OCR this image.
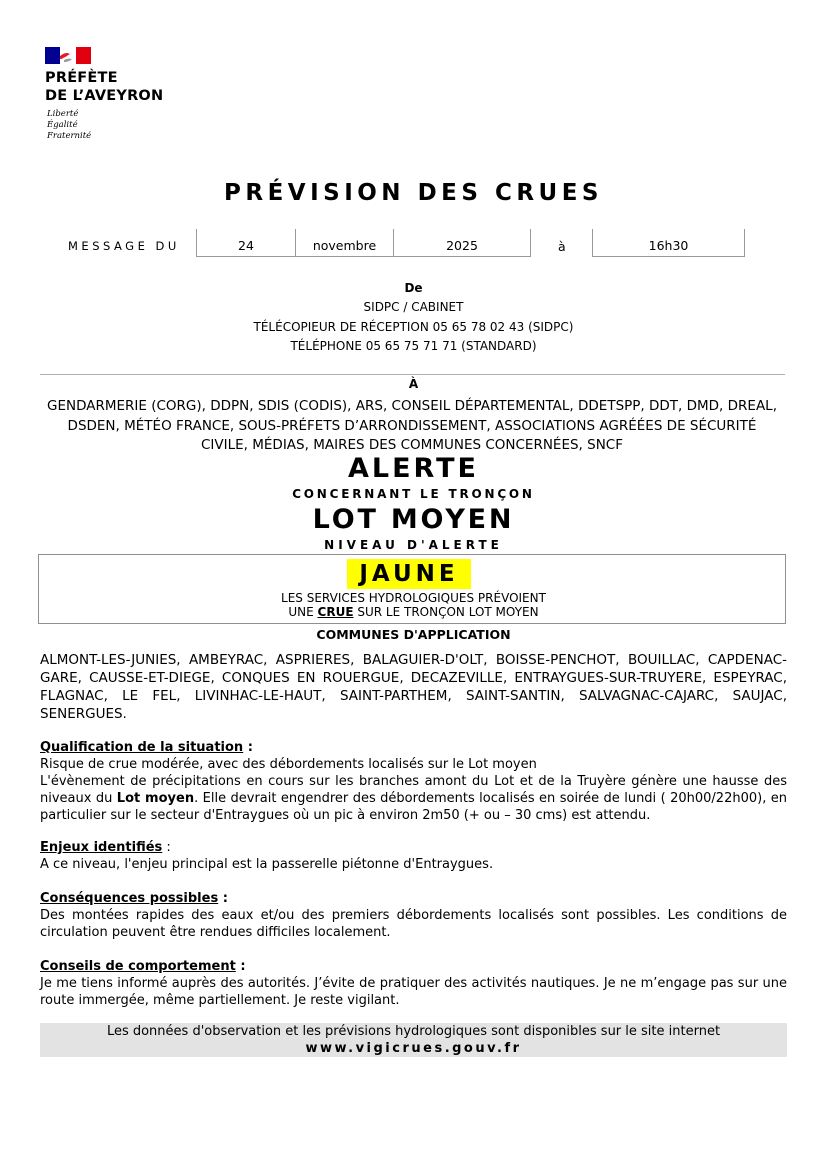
PRÉFÈTE
DE L’AVEYRON
Liberté
Égalité
Fraternité
PRÉVISION DES CRUES
MESSAGE DU	24	novembre	2025	à	16h30
De
SIDPC / CABINET
TÉLÉCOPIEUR DE RÉCEPTION 05 65 78 02 43 (SIDPC)
TÉLÉPHONE 05 65 75 71 71 (STANDARD)
À
GENDARMERIE (CORG), DDPN, SDIS (CODIS), ARS, CONSEIL DÉPARTEMENTAL, DDETSPP, DDT, DMD, DREAL,
DSDEN, MÉTÉO FRANCE, SOUS-PRÉFETS D’ARRONDISSEMENT, ASSOCIATIONS AGRÉÉES DE SÉCURITÉ
CIVILE, MÉDIAS, MAIRES DES COMMUNES CONCERNÉES, SNCF
ALERTE
CONCERNANT LE TRONÇON
LOT MOYEN
NIVEAU D'ALERTE
JAUNE
LES SERVICES HYDROLOGIQUES PRÉVOIENT
UNE CRUE SUR LE TRONÇON LOT MOYEN
COMMUNES D'APPLICATION
ALMONT-LES-JUNIES, AMBEYRAC, ASPRIERES, BALAGUIER-D'OLT, BOISSE-PENCHOT, BOUILLAC, CAPDENAC-GARE, CAUSSE-ET-DIEGE, CONQUES EN ROUERGUE, DECAZEVILLE, ENTRAYGUES-SUR-TRUYERE, ESPEYRAC, FLAGNAC, LE FEL, LIVINHAC-LE-HAUT, SAINT-PARTHEM, SAINT-SANTIN, SALVAGNAC-CAJARC, SAUJAC, SENERGUES.
Qualification de la situation :
Risque de crue modérée, avec des débordements localisés sur le Lot moyen
L'évènement de précipitations en cours sur les branches amont du Lot et de la Truyère génère une hausse des niveaux du Lot moyen. Elle devrait engendrer des débordements localisés en soirée de lundi ( 20h00/22h00), en particulier sur le secteur d'Entraygues où un pic à environ 2m50 (+ ou – 30 cms) est attendu.
Enjeux identifiés :
A ce niveau, l'enjeu principal est la passerelle piétonne d'Entraygues.
Conséquences possibles :
Des montées rapides des eaux et/ou des premiers débordements localisés sont possibles. Les conditions de circulation peuvent être rendues difficiles localement.
Conseils de comportement :
Je me tiens informé auprès des autorités. J’évite de pratiquer des activités nautiques. Je ne m’engage pas sur une route immergée, même partiellement. Je reste vigilant.
Les données d'observation et les prévisions hydrologiques sont disponibles sur le site internet
www.vigicrues.gouv.fr
